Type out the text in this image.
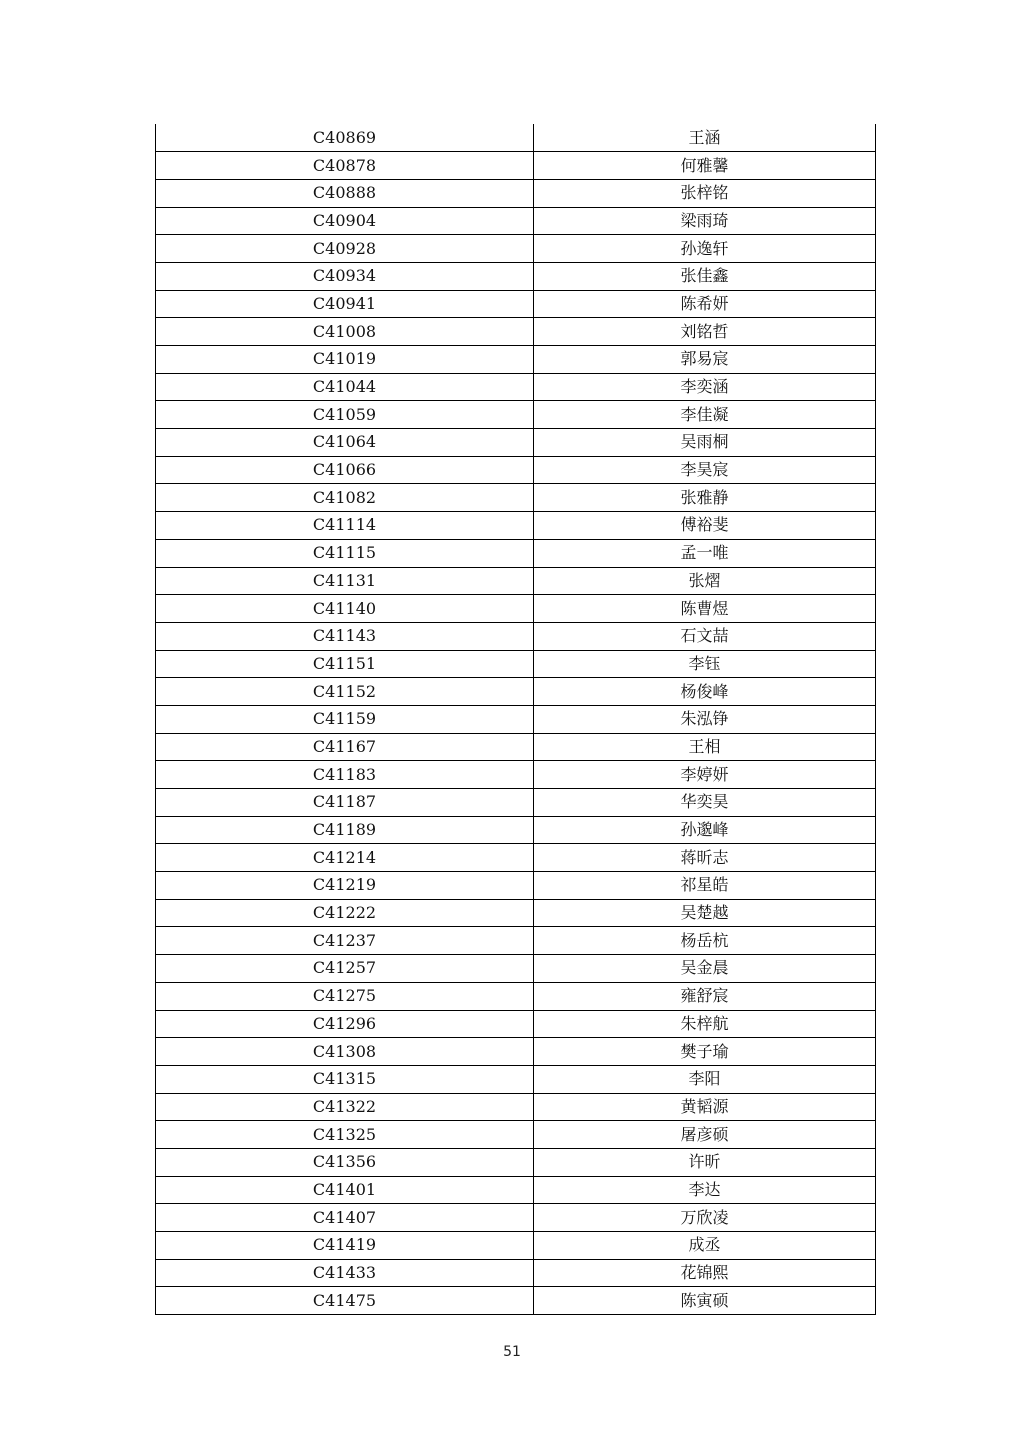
C40869	王涵
C40878	何雅馨
C40888	张梓铭
C40904	梁雨琦
C40928	孙逸轩
C40934	张佳鑫
C40941	陈希妍
C41008	刘铭哲
C41019	郭易宸
C41044	李奕涵
C41059	李佳凝
C41064	吴雨桐
C41066	李昊宸
C41082	张雅静
C41114	傅裕斐
C41115	孟一唯
C41131	张熠
C41140	陈曹煜
C41143	石文喆
C41151	李钰
C41152	杨俊峰
C41159	朱泓铮
C41167	王相
C41183	李婷妍
C41187	华奕昊
C41189	孙邈峰
C41214	蒋昕志
C41219	祁星皓
C41222	吴楚越
C41237	杨岳杭
C41257	吴金晨
C41275	雍舒宸
C41296	朱梓航
C41308	樊子瑜
C41315	李阳
C41322	黄韬源
C41325	屠彦硕
C41356	许昕
C41401	李达
C41407	万欣凌
C41419	成丞
C41433	花锦熙
C41475	陈寅硕
51
